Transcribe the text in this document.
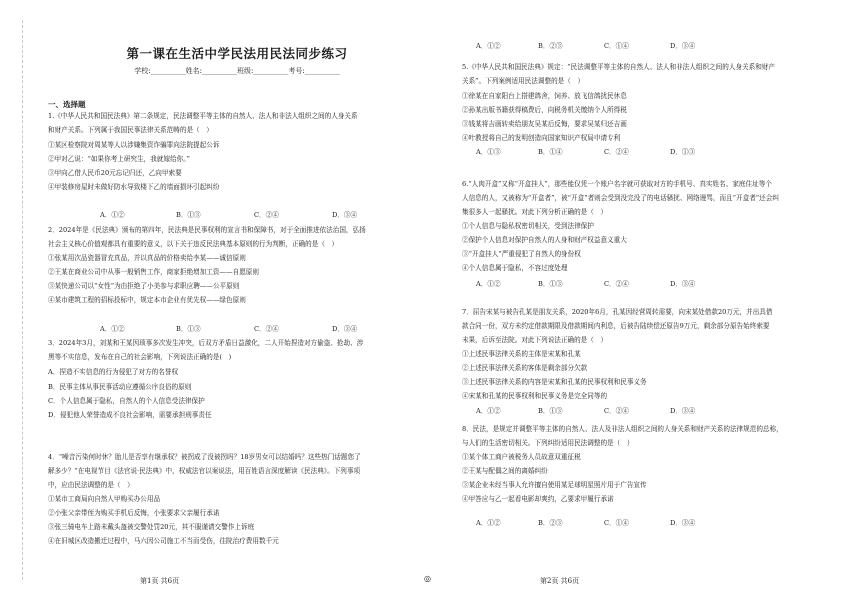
第一课在生活中学民法用民法同步练习
学校:__________姓名:__________班级:__________考号:__________
一、选择题
1.《中华人民共和国民法典》第二条规定，民法调整平等主体的自然人、法人和非法人组织之间的人身关系
和财产关系。下列属于我国民事法律关系范畴的是（　）
①某区检察院对周某等人以涉嫌集资诈骗罪向法院提起公诉
②甲对乙说：“如果你考上研究生，我就嫁给你。”
③甲向乙借人民币20元忘记归还，乙向甲索要
④甲装修房屋时未做好防水导致楼下乙的墙面损坏引起纠纷
2．2024年是《民法典》颁布的第四年，民法典是民事权利的宣言书和保障书，对于全面推进依法治国，弘扬
社会主义核心价值观都具有重要的意义，以下关于违反民法典基本原则的行为判断，正确的是（　）
①张某用次品瓷器冒充真品，并以真品的价格卖给李某——诚信原则
②王某在商业公司中从事一般销售工作，商家拒绝增加工资——自愿原则
③某快递公司以“女性”为由拒绝了小美参与求职应聘——公平原则
④某市建筑工程的招标投标中，规定本市企业有优先权——绿色原则
3．2024年3月，刘某和王某因琐事多次发生冲突，后双方矛盾日益激化，二人开始捏造对方偷盗、抢劫、涉
黑等不实信息，发布在自己的社会影响，下列说法正确的是(　)
A．捏造不实信息的行为侵犯了对方的名誉权
B．民事主体从事民事活动应遵循公序良俗的原则
C．个人信息属于隐私，自然人的个人信息受法律保护
D．侵犯他人荣誉造成不良社会影响，需要承担刑事责任
4．“噪音污染何时休？胎儿是否享有继承权？被拐成了没被拐吗？18岁男女可以结婚吗？这些热门话题您了
解多少？”在电视节目《法官说·民法典》中，权威法官以案说法，用百姓语言深度解读《民法典》。下列事项
中，应由民法调整的是（　）
①某市工商局向自然人甲购买办公用品
②小张父亲带侄为购买手机后反悔，小张要求父亲履行承诺
③张三骑电车上路未戴头盔被交警处罚20元，其不服谨请交警作上诉庭
④在旧城区改造搬迁过程中，马六因公司施工不当而受伤，往院治疗费用数千元
A．①②	B．①③	C．②④	D．③④
A．①②	B．①③	C．②④	D．③④
5.《中华人民共和国民法典》规定：“民法调整平等主体的自然人、法人和非法人组织之间的人身关系和财产
关系”。下列案例适用民法调整的是（　）
①徐某在自家阳台上搭建鸽舍，饲养、放飞信鸽扰民休息
②孙某出版书籍获得稿费后，向税务机关缴纳个人所得税
③钱某将吉画转卖给朋友吴某后反悔，要求吴某归还吉画
④叶教授将自己的发明创造向国家知识产权局申请专利
6.“人肉开盒”又称“开盒挂人”，那些能仅凭一个账户名字就可获取对方的手机号、真实姓名、家庭住址等个
人信息的人，又被称为“开盒者”，被“开盒”者则会受到没完没了的电话骚扰、网络谩骂，而且“开盒者”还会纠
集很多人一起骚扰。对此下列分析正确的是（　）
①个人信息与隐私权密切相关，受到法律保护
②保护个人信息对保护自然人的人身和财产权益意义重大
③“开盒挂人”严重侵犯了自然人的身份权
④个人信息属于隐私，不容过度处理
7．屈告宋某与被告孔某是朋友关系，2020年6月，孔某因经营周转需要，向宋某处借款20万元，并出具借
款合同一份，双方未约定借款期限及借款期间内利息，后被告陆续偿还原告9万元，剩余部分原告始终索要
未果，后诉至法院。对此下列说法正确的是（　）
①上述民事法律关系的主体是宋某和孔某
②上述民事法律关系的客体是剩余部分欠款
③上述民事法律关系的内容是宋某和孔某的民事权利和民事义务
④宋某和孔某的民事权利和民事义务是完全同等的
8．民法，是规定并调整平等主体的自然人、法人及非法人组织之间的人身关系和财产关系的法律规范的总称，
与人们的生活密切相关。下列纠纷适用民法调整的是（　）
①某个体工商户被税务人员故意双重征税
②王某与配偶之间的离婚纠纷
③某企业未经当事人允许擅自使用某足球明星照片用于广告宣传
④甲答应与乙一起看电影却爽约，乙要求甲履行承诺
A．①②	B．②③	C．①④	D．③④
A．①③	B．①④	C．②④	D．①③
A．①②	B．①③	C．②④	D．③④
A．①②	B．①③	C．②④	D．③④
A．①②	B．②③	C．①④	D．③④
第1页 共6页	◎	第2页 共6页
